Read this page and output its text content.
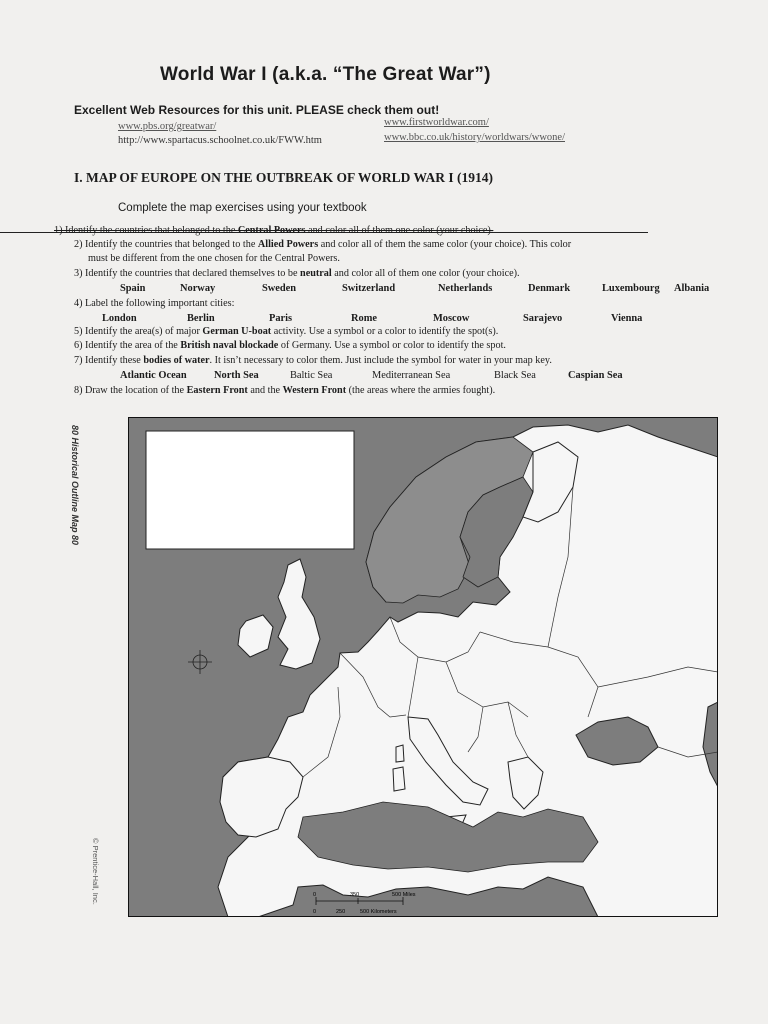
World War I (a.k.a. “The Great War”)
Excellent Web Resources for this unit. PLEASE check them out!
www.pbs.org/greatwar/
http://www.spartacus.schoolnet.co.uk/FWW.htm
www.firstworldwar.com/
www.bbc.co.uk/history/worldwars/wwone/
I. MAP OF EUROPE ON THE OUTBREAK OF WORLD WAR I (1914)
Complete the map exercises using your textbook
1) Identify the countries that belonged to the Central Powers and color all of them one color (your choice).
2) Identify the countries that belonged to the Allied Powers and color all of them the same color (your choice). This color
must be different from the one chosen for the Central Powers.
3) Identify the countries that declared themselves to be neutral and color all of them one color (your choice).
Spain	Norway	Sweden	Switzerland	Netherlands	Denmark	Luxembourg Albania
4) Label the following important cities:
London	Berlin	Paris	Rome	Moscow	Sarajevo	Vienna
5) Identify the area(s) of major German U-boat activity. Use a symbol or a color to identify the spot(s).
6) Identify the area of the British naval blockade of Germany. Use a symbol or color to identify the spot.
7) Identify these bodies of water. It isn’t necessary to color them. Just include the symbol for water in your map key.
Atlantic Ocean	North Sea	Baltic Sea	Mediterranean Sea	Black Sea	Caspian Sea
8) Draw the location of the Eastern Front and the Western Front (the areas where the armies fought).
80 Historical Outline Map 80
© Prentice-Hall, Inc.	0	350	500 Miles
0	250	500 Kilometers
